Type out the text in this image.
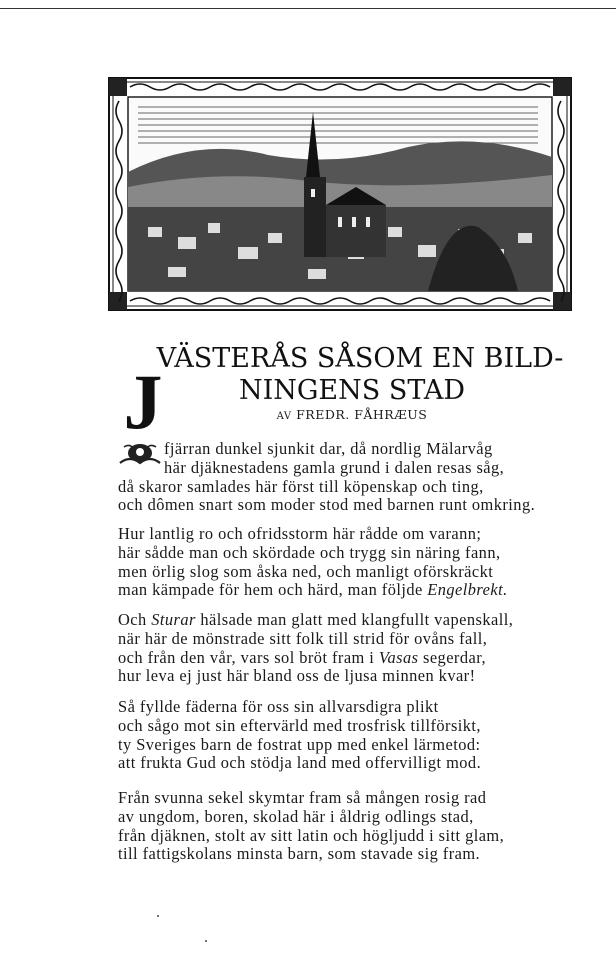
VÄSTERÅS SÅSOM EN BILD-
NINGENS STAD
AV FREDR. FÅHRÆUS
J
fjärran dunkel sjunkit dar, då nordlig Mälarvåg
här djäknestadens gamla grund i dalen resas såg,
då skaror samlades här först till köpenskap och ting,
och dômen snart som moder stod med barnen runt omkring.
Hur lantlig ro och ofridsstorm här rådde om varann;
här sådde man och skördade och trygg sin näring fann,
men örlig slog som åska ned, och manligt oförskräckt
man kämpade för hem och härd, man följde Engelbrekt.
Och Sturar hälsade man glatt med klangfullt vapenskall,
när här de mönstrade sitt folk till strid för ovåns fall,
och från den vår, vars sol bröt fram i Vasas segerdar,
hur leva ej just här bland oss de ljusa minnen kvar!
Så fyllde fäderna för oss sin allvarsdigra plikt
och sågo mot sin eftervärld med trosfrisk tillförsikt,
ty Sveriges barn de fostrat upp med enkel lärmetod:
att frukta Gud och stödja land med offervilligt mod.
Från svunna sekel skymtar fram så mången rosig rad
av ungdom, boren, skolad här i åldrig odlings stad,
från djäknen, stolt av sitt latin och högljudd i sitt glam,
till fattigskolans minsta barn, som stavade sig fram.
